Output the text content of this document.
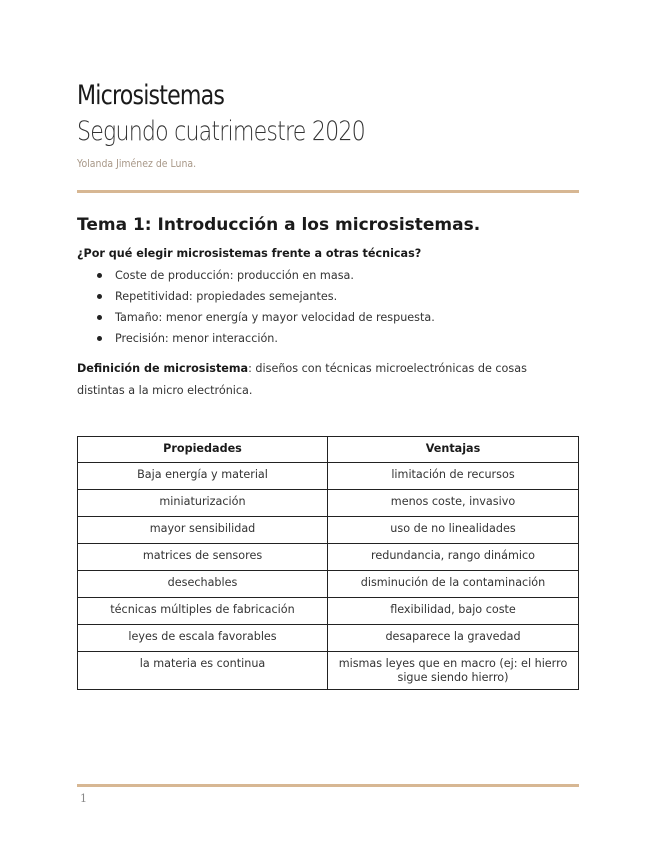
Microsistemas
Segundo cuatrimestre 2020
Yolanda Jiménez de Luna.
Tema 1: Introducción a los microsistemas.
¿Por qué elegir microsistemas frente a otras técnicas?
Coste de producción: producción en masa.
Repetitividad: propiedades semejantes.
Tamaño: menor energía y mayor velocidad de respuesta.
Precisión: menor interacción.
Definición de microsistema: diseños con técnicas microelectrónicas de cosas distintas a la micro electrónica.
Propiedades	Ventajas
Baja energía y material	limitación de recursos
miniaturización	menos coste, invasivo
mayor sensibilidad	uso de no linealidades
matrices de sensores	redundancia, rango dinámico
desechables	disminución de la contaminación
técnicas múltiples de fabricación	flexibilidad, bajo coste
leyes de escala favorables	desaparece la gravedad
la materia es continua	mismas leyes que en macro (ej: el hierro sigue siendo hierro)
1
